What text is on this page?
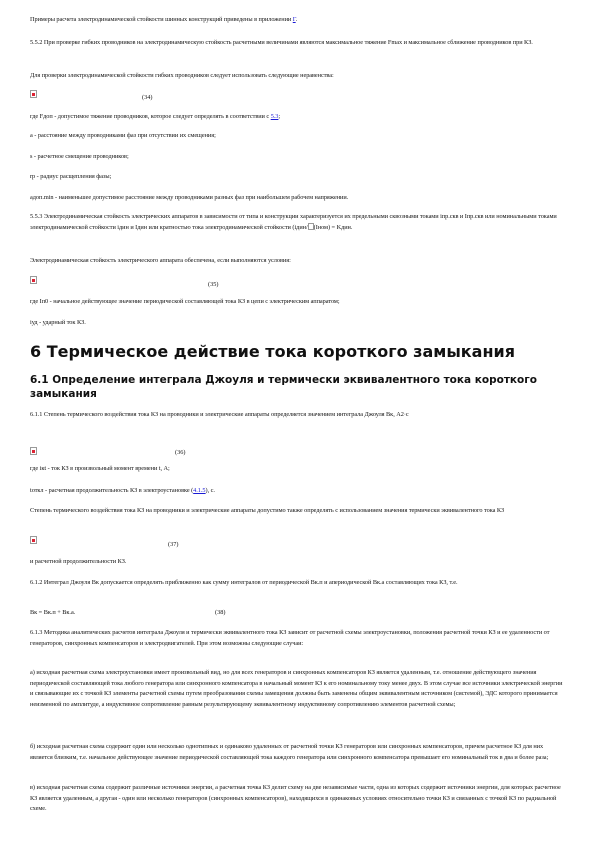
Примеры расчета электродинамической стойкости шинных конструкций приведены в приложении Г.
5.5.2 При проверке гибких проводников на электродинамическую стойкость расчетными величинами являются максимальное тяжение Fmax и максимальное сближение проводников при КЗ.
Для проверки электродинамической стойкости гибких проводников следует использовать следующие неравенства:
(34)
где Fдоп - допустимое тяжение проводников, которое следует определять в соответствии с 5.3;
a - расстояние между проводниками фаз при отсутствии их смещения;
s - расчетное смещение проводников;
rp - радиус расщепления фазы;
aдоп.min - наименьшее допустимое расстояние между проводниками разных фаз при наибольшем рабочем напряжении.
5.5.3 Электродинамическая стойкость электрических аппаратов в зависимости от типа и конструкции характеризуется их предельными сквозными токами iпр.скв и Iпр.скв или номинальными токами электродинамической стойкости iдин и Iдин или кратностью тока электродинамической стойкости (iдин/ (Iном) = Kдин.
Электродинамическая стойкость электрического аппарата обеспечена, если выполняются условия:
(35)
где Iп0 - начальное действующее значение периодической составляющей тока КЗ в цепи с электрическим аппаратом;
iуд - ударный ток КЗ.
6 Термическое действие тока короткого замыкания
6.1 Определение интеграла Джоуля и термически эквивалентного тока короткого замыкания
6.1.1 Степень термического воздействия тока КЗ на проводники и электрические аппараты определяется значением интеграла Джоуля Bк, А2·с
(36)
где iкt - ток КЗ в произвольный момент времени t, А;
tоткл - расчетная продолжительность КЗ в электроустановке (4.1.5), с.
Степень термического воздействия тока КЗ на проводники и электрические аппараты допустимо также определять с использованием значения термически эквивалентного тока КЗ
(37)
и расчетной продолжительности КЗ.
6.1.2 Интеграл Джоуля Bк допускается определять приближенно как сумму интегралов от периодической Bк.п и апериодической Bк.а составляющих тока КЗ, т.е.
Bк = Bк.п + Bк.а.	(38)
6.1.3 Методика аналитических расчетов интеграла Джоуля и термически эквивалентного тока КЗ зависит от расчетной схемы электроустановки, положения расчетной точки КЗ и ее удаленности от генераторов, синхронных компенсаторов и электродвигателей. При этом возможны следующие случаи:
а) исходная расчетная схема электроустановки имеет произвольный вид, но для всех генераторов и синхронных компенсаторов КЗ является удаленным, т.е. отношение действующего значения периодической составляющей тока любого генератора или синхронного компенсатора в начальный момент КЗ к его номинальному току менее двух. В этом случае все источники электрической энергии и связывающие их с точкой КЗ элементы расчетной схемы путем преобразования схемы замещения должны быть заменены общим эквивалентным источником (системой), ЭДС которого принимается неизменной по амплитуде, а индуктивное сопротивление равным результирующему эквивалентному индуктивному сопротивлению элементов расчетной схемы;
б) исходная расчетная схема содержит один или несколько однотипных и одинаково удаленных от расчетной точки КЗ генераторов или синхронных компенсаторов, причем расчетное КЗ для них является близким, т.е. начальное действующее значение периодической составляющей тока каждого генератора или синхронного компенсатора превышает его номинальный ток в два и более раза;
в) исходная расчетная схема содержит различные источники энергии, а расчетная точка КЗ делит схему на две независимые части, одна из которых содержит источники энергии, для которых расчетное КЗ является удаленным, а другая - один или несколько генераторов (синхронных компенсаторов), находящихся в одинаковых условиях относительно точки КЗ и связанных с точкой КЗ по радиальной схеме.
